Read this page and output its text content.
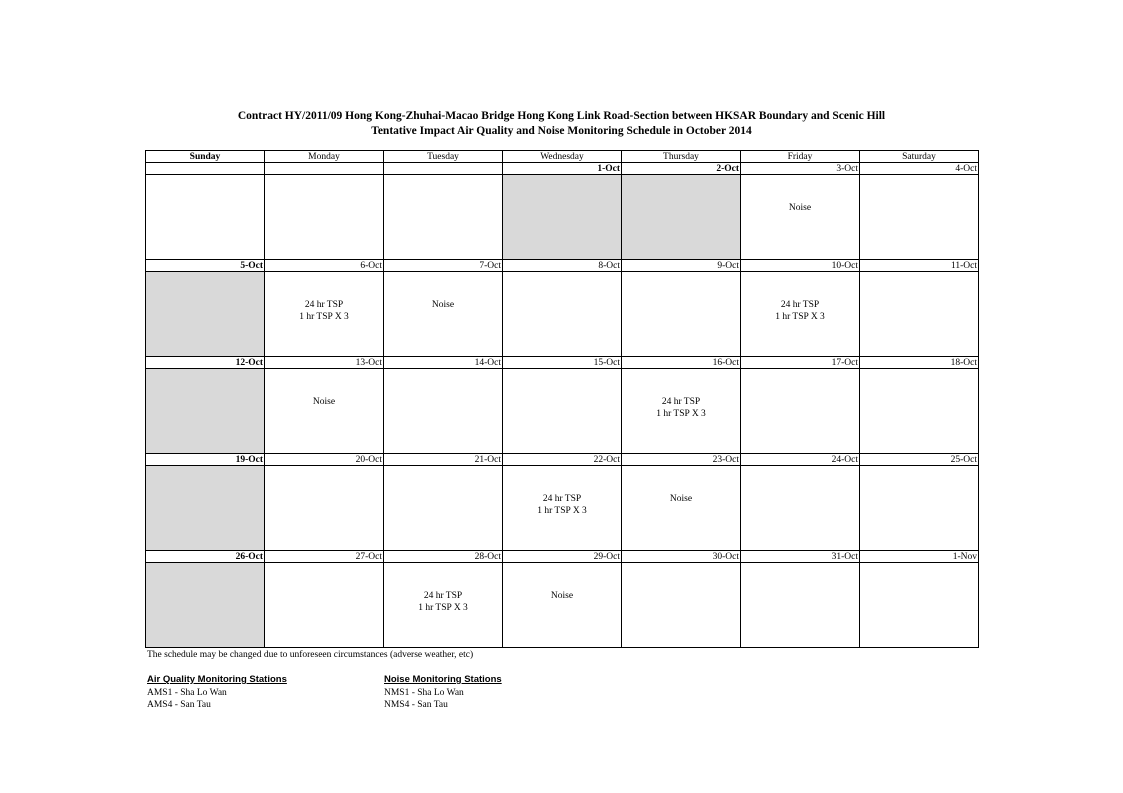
Contract HY/2011/09 Hong Kong-Zhuhai-Macao Bridge Hong Kong Link Road-Section between HKSAR Boundary and Scenic Hill
Tentative Impact Air Quality and Noise Monitoring Schedule in October 2014
Sunday	Monday	Tuesday	Wednesday	Thursday	Friday	Saturday
			1-Oct	2-Oct	3-Oct	4-Oct

					Noise	

5-Oct	6-Oct	7-Oct	8-Oct	9-Oct	10-Oct	11-Oct

	24 hr TSP
1 hr TSP X 3	Noise			24 hr TSP
1 hr TSP X 3	

12-Oct	13-Oct	14-Oct	15-Oct	16-Oct	17-Oct	18-Oct

	Noise			24 hr TSP
1 hr TSP X 3		

19-Oct	20-Oct	21-Oct	22-Oct	23-Oct	24-Oct	25-Oct

			24 hr TSP
1 hr TSP X 3	Noise		

26-Oct	27-Oct	28-Oct	29-Oct	30-Oct	31-Oct	1-Nov

		24 hr TSP
1 hr TSP X 3	Noise			

The schedule may be changed due to unforeseen circumstances (adverse weather, etc)
Air Quality Monitoring Stations
AMS1 - Sha Lo Wan
AMS4 - San Tau
Noise Monitoring Stations
NMS1 - Sha Lo Wan
NMS4 - San Tau
